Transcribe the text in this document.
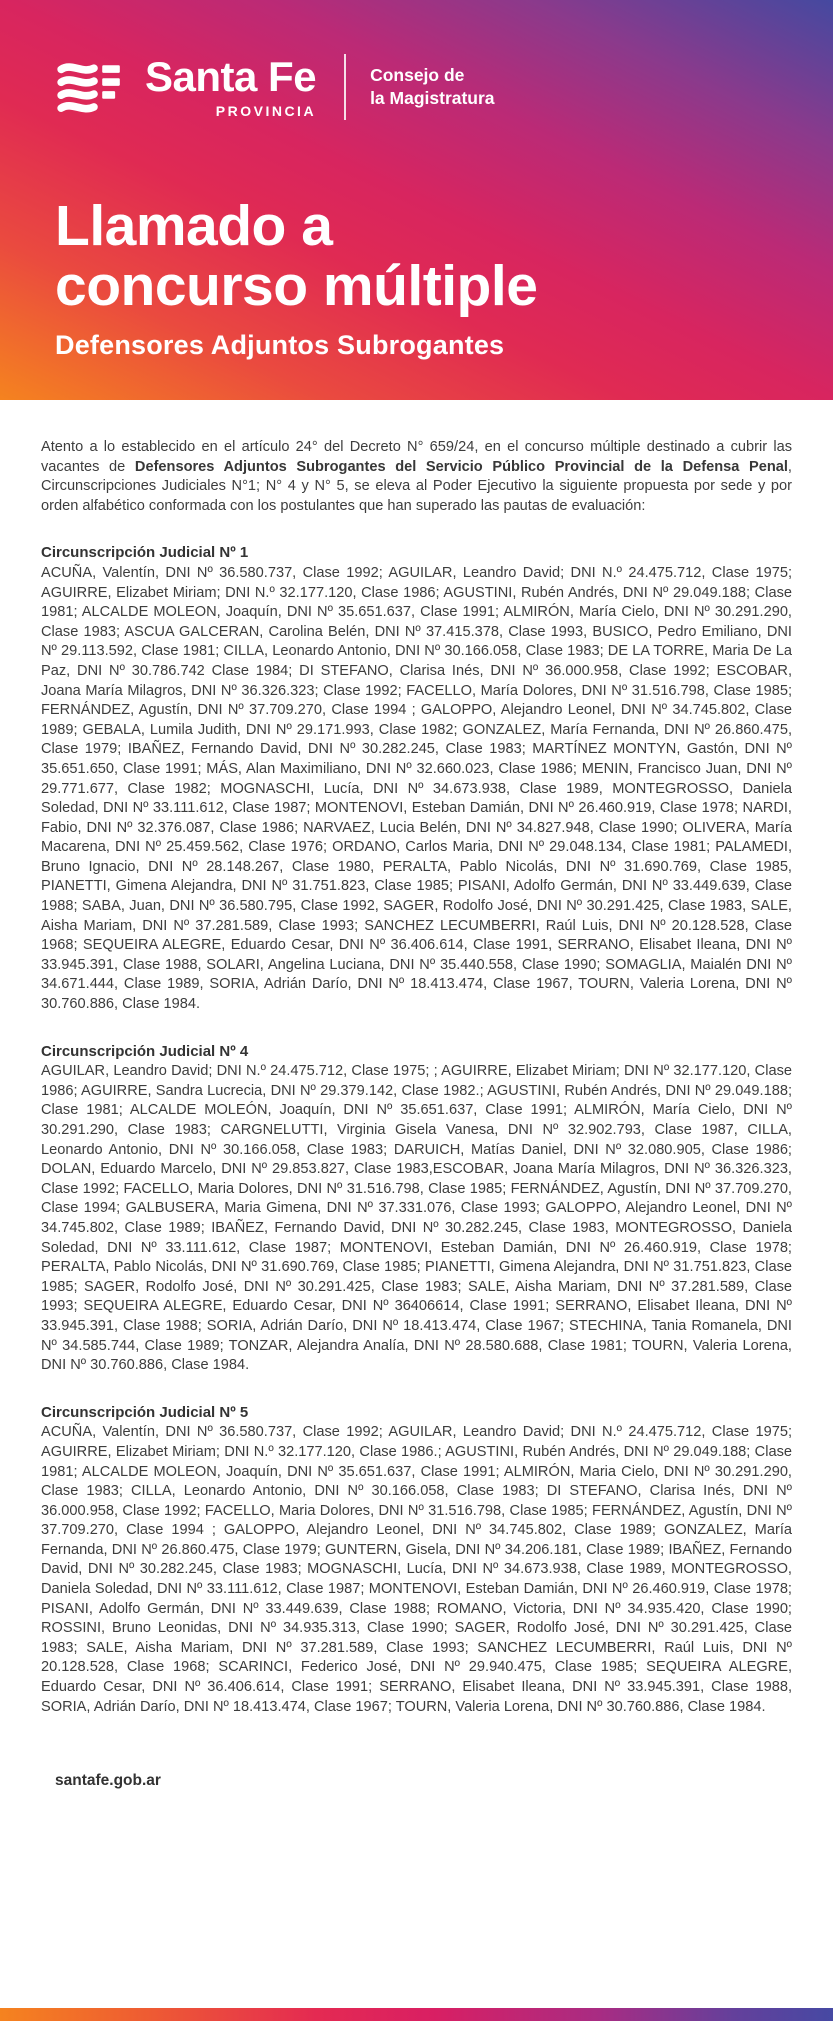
Santa Fe
PROVINCIA
Consejo de
la Magistratura
Llamado a
concurso múltiple
Defensores Adjuntos Subrogantes

Atento a lo establecido en el artículo 24° del Decreto N° 659/24, en el concurso múltiple destinado a cubrir las vacantes de Defensores Adjuntos Subrogantes del Servicio Público Provincial de la Defensa Penal, Circunscripciones Judiciales N°1; N° 4 y N° 5, se eleva al Poder Ejecutivo la siguiente propuesta por sede y por orden alfabético conformada con los postulantes que han superado las pautas de evaluación:

Circunscripción Judicial Nº 1

ACUÑA, Valentín, DNI Nº 36.580.737, Clase 1992; AGUILAR, Leandro David; DNI N.º 24.475.712, Clase 1975; AGUIRRE, Elizabet Miriam; DNI N.º 32.177.120, Clase 1986; AGUSTINI, Rubén Andrés, DNI Nº 29.049.188; Clase 1981; ALCALDE MOLEON, Joaquín, DNI Nº 35.651.637, Clase 1991; ALMIRÓN, María Cielo, DNI Nº 30.291.290, Clase 1983; ASCUA GALCERAN, Carolina Belén, DNI Nº 37.415.378, Clase 1993, BUSICO, Pedro Emiliano, DNI Nº 29.113.592, Clase 1981; CILLA, Leonardo Antonio, DNI Nº 30.166.058, Clase 1983; DE LA TORRE, Maria De La Paz, DNI Nº 30.786.742 Clase 1984; DI STEFANO, Clarisa Inés, DNI Nº 36.000.958, Clase 1992; ESCOBAR, Joana María Milagros, DNI Nº 36.326.323; Clase 1992; FACELLO, María Dolores, DNI Nº 31.516.798, Clase 1985; FERNÁNDEZ, Agustín, DNI Nº 37.709.270, Clase 1994 ; GALOPPO, Alejandro Leonel, DNI Nº 34.745.802, Clase 1989; GEBALA, Lumila Judith, DNI Nº 29.171.993, Clase 1982; GONZALEZ, María Fernanda, DNI Nº 26.860.475, Clase 1979; IBAÑEZ, Fernando David, DNI Nº 30.282.245, Clase 1983; MARTÍNEZ MONTYN, Gastón, DNI Nº 35.651.650, Clase 1991; MÁS, Alan Maximiliano, DNI Nº 32.660.023, Clase 1986; MENIN, Francisco Juan, DNI Nº 29.771.677, Clase 1982; MOGNASCHI, Lucía, DNI Nº 34.673.938, Clase 1989, MONTEGROSSO, Daniela Soledad, DNI Nº 33.111.612, Clase 1987; MONTENOVI, Esteban Damián, DNI Nº 26.460.919, Clase 1978; NARDI, Fabio, DNI Nº 32.376.087, Clase 1986; NARVAEZ, Lucia Belén, DNI Nº 34.827.948, Clase 1990; OLIVERA, María Macarena, DNI Nº 25.459.562, Clase 1976; ORDANO, Carlos Maria, DNI Nº 29.048.134, Clase 1981; PALAMEDI, Bruno Ignacio, DNI Nº 28.148.267, Clase 1980, PERALTA, Pablo Nicolás, DNI Nº 31.690.769, Clase 1985, PIANETTI, Gimena Alejandra, DNI Nº 31.751.823, Clase 1985; PISANI, Adolfo Germán, DNI Nº 33.449.639, Clase 1988; SABA, Juan, DNI Nº 36.580.795, Clase 1992, SAGER, Rodolfo José, DNI Nº 30.291.425, Clase 1983, SALE, Aisha Mariam, DNI Nº 37.281.589, Clase 1993; SANCHEZ LECUMBERRI, Raúl Luis, DNI Nº 20.128.528, Clase 1968; SEQUEIRA ALEGRE, Eduardo Cesar, DNI Nº 36.406.614, Clase 1991, SERRANO, Elisabet Ileana, DNI Nº 33.945.391, Clase 1988, SOLARI, Angelina Luciana, DNI Nº 35.440.558, Clase 1990; SOMAGLIA, Maialén DNI Nº 34.671.444, Clase 1989, SORIA, Adrián Darío, DNI Nº 18.413.474, Clase 1967, TOURN, Valeria Lorena, DNI Nº 30.760.886, Clase 1984.

Circunscripción Judicial Nº 4

AGUILAR, Leandro David; DNI N.º 24.475.712, Clase 1975; ; AGUIRRE, Elizabet Miriam; DNI Nº 32.177.120, Clase 1986; AGUIRRE, Sandra Lucrecia, DNI Nº 29.379.142, Clase 1982.; AGUSTINI, Rubén Andrés, DNI Nº 29.049.188; Clase 1981; ALCALDE MOLEÓN, Joaquín, DNI Nº 35.651.637, Clase 1991; ALMIRÓN, María Cielo, DNI Nº 30.291.290, Clase 1983; CARGNELUTTI, Virginia Gisela Vanesa, DNI Nº 32.902.793, Clase 1987, CILLA, Leonardo Antonio, DNI Nº 30.166.058, Clase 1983; DARUICH, Matías Daniel, DNI Nº 32.080.905, Clase 1986; DOLAN, Eduardo Marcelo, DNI Nº 29.853.827, Clase 1983,ESCOBAR, Joana María Milagros, DNI Nº 36.326.323, Clase 1992; FACELLO, Maria Dolores, DNI Nº 31.516.798, Clase 1985; FERNÁNDEZ, Agustín, DNI Nº 37.709.270, Clase 1994; GALBUSERA, Maria Gimena, DNI Nº 37.331.076, Clase 1993; GALOPPO, Alejandro Leonel, DNI Nº 34.745.802, Clase 1989; IBAÑEZ, Fernando David, DNI Nº 30.282.245, Clase 1983, MONTEGROSSO, Daniela Soledad, DNI Nº 33.111.612, Clase 1987; MONTENOVI, Esteban Damián, DNI Nº 26.460.919, Clase 1978; PERALTA, Pablo Nicolás, DNI Nº 31.690.769, Clase 1985; PIANETTI, Gimena Alejandra, DNI Nº 31.751.823, Clase 1985; SAGER, Rodolfo José, DNI Nº 30.291.425, Clase 1983; SALE, Aisha Mariam, DNI Nº 37.281.589, Clase 1993; SEQUEIRA ALEGRE, Eduardo Cesar, DNI Nº 36406614, Clase 1991; SERRANO, Elisabet Ileana, DNI Nº 33.945.391, Clase 1988; SORIA, Adrián Darío, DNI Nº 18.413.474, Clase 1967; STECHINA, Tania Romanela, DNI Nº 34.585.744, Clase 1989; TONZAR, Alejandra Analía, DNI Nº 28.580.688, Clase 1981; TOURN, Valeria Lorena, DNI Nº 30.760.886, Clase 1984.

Circunscripción Judicial Nº 5

ACUÑA, Valentín, DNI Nº 36.580.737, Clase 1992; AGUILAR, Leandro David; DNI N.º 24.475.712, Clase 1975; AGUIRRE, Elizabet Miriam; DNI N.º 32.177.120, Clase 1986.; AGUSTINI, Rubén Andrés, DNI Nº 29.049.188; Clase 1981; ALCALDE MOLEON, Joaquín, DNI Nº 35.651.637, Clase 1991; ALMIRÓN, Maria Cielo, DNI Nº 30.291.290, Clase 1983; CILLA, Leonardo Antonio, DNI Nº 30.166.058, Clase 1983; DI STEFANO, Clarisa Inés, DNI Nº 36.000.958, Clase 1992; FACELLO, Maria Dolores, DNI Nº 31.516.798, Clase 1985; FERNÁNDEZ, Agustín, DNI Nº 37.709.270, Clase 1994 ; GALOPPO, Alejandro Leonel, DNI Nº 34.745.802, Clase 1989; GONZALEZ, María Fernanda, DNI Nº 26.860.475, Clase 1979; GUNTERN, Gisela, DNI Nº 34.206.181, Clase 1989; IBAÑEZ, Fernando David, DNI Nº 30.282.245, Clase 1983; MOGNASCHI, Lucía, DNI Nº 34.673.938, Clase 1989, MONTEGROSSO, Daniela Soledad, DNI Nº 33.111.612, Clase 1987; MONTENOVI, Esteban Damián, DNI Nº 26.460.919, Clase 1978; PISANI, Adolfo Germán, DNI Nº 33.449.639, Clase 1988; ROMANO, Victoria, DNI Nº 34.935.420, Clase 1990; ROSSINI, Bruno Leonidas, DNI Nº 34.935.313, Clase 1990; SAGER, Rodolfo José, DNI Nº 30.291.425, Clase 1983; SALE, Aisha Mariam, DNI Nº 37.281.589, Clase 1993; SANCHEZ LECUMBERRI, Raúl Luis, DNI Nº 20.128.528, Clase 1968; SCARINCI, Federico José, DNI Nº 29.940.475, Clase 1985; SEQUEIRA ALEGRE, Eduardo Cesar, DNI Nº 36.406.614, Clase 1991; SERRANO, Elisabet Ileana, DNI Nº 33.945.391, Clase 1988, SORIA, Adrián Darío, DNI Nº 18.413.474, Clase 1967; TOURN, Valeria Lorena, DNI Nº 30.760.886, Clase 1984.

santafe.gob.ar
